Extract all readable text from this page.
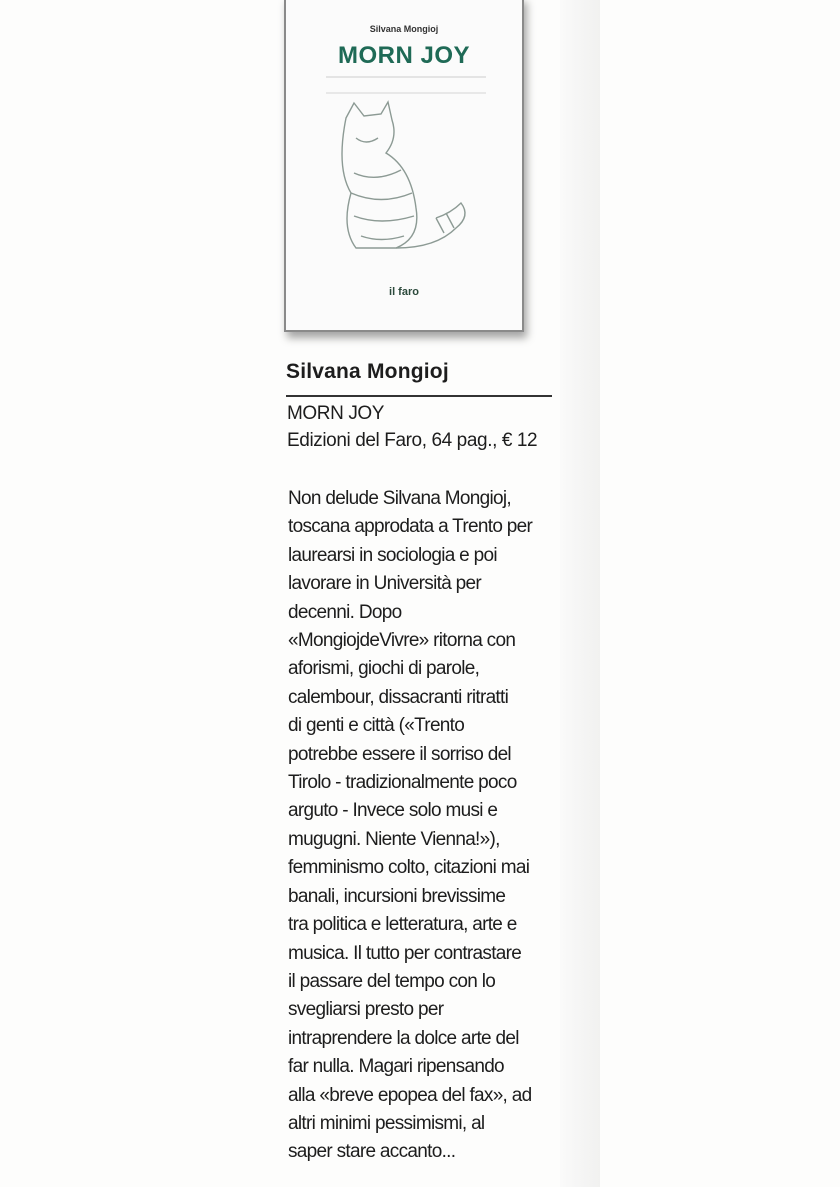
Silvana Mongioj
MORN JOY
il faro
Silvana Mongioj
MORN JOY
Edizioni del Faro, 64 pag., € 12
Non delude Silvana Mongioj,
toscana approdata a Trento per
laurearsi in sociologia e poi
lavorare in Università per
decenni. Dopo
«MongiojdeVivre» ritorna con
aforismi, giochi di parole,
calembour, dissacranti ritratti
di genti e città («Trento
potrebbe essere il sorriso del
Tirolo - tradizionalmente poco
arguto - Invece solo musi e
mugugni. Niente Vienna!»),
femminismo colto, citazioni mai
banali, incursioni brevissime
tra politica e letteratura, arte e
musica. Il tutto per contrastare
il passare del tempo con lo
svegliarsi presto per
intraprendere la dolce arte del
far nulla. Magari ripensando
alla «breve epopea del fax», ad
altri minimi pessimismi, al
saper stare accanto...
